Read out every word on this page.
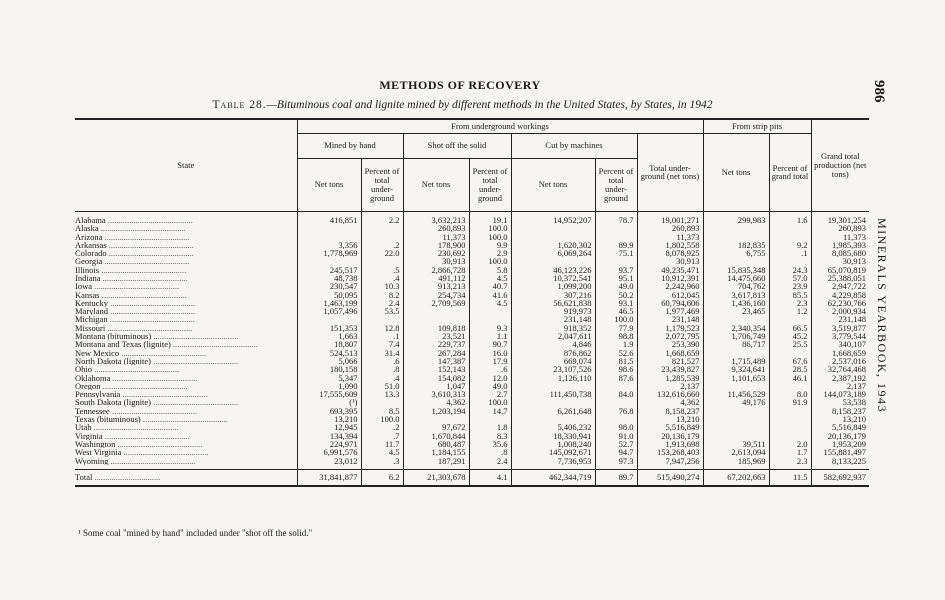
METHODS OF RECOVERY
Table 28.—Bituminous coal and lignite mined by different methods in the United States, by States, in 1942
986
MINERALS YEARBOOK, 1943
State	From underground workings							From strip pits		Grand total production (net tons)
	Mined by hand		Shot off the solid		Cut by machines		Total under-ground (net tons)	Net tons	Percent of grand total	
	Net tons	Percent of total under-ground	Net tons	Percent of total under-ground	Net tons	Percent of total under-ground				

Alabama .....	416,851	2.2	3,632,213	19.1	14,952,207	78.7	19,001,271	299,983	1.6	19,301,254
Alaska .....			260,893	100.0			260,893			260,893
Arizona .....			11,373	100.0			11,373			11,373
Arkansas .....	3,356	.2	178,900	9.9	1,620,302	89.9	1,802,558	182,835	9.2	1,985,393
Colorado .....	1,778,969	22.0	230,692	2.9	6,069,264	75.1	8,078,925	6,755	.1	8,085,680
Georgia .....			30,913	100.0			30,913			30,913
Illinois .....	245,517	.5	2,866,728	5.8	46,123,226	93.7	49,235,471	15,835,348	24.3	65,070,819
Indiana .....	48,738	.4	491,112	4.5	10,372,541	95.1	10,912,391	14,475,660	57.0	25,388,051
Iowa .....	230,547	10.3	913,213	40.7	1,099,200	49.0	2,242,960	704,762	23.9	2,947,722
Kansas .....	50,095	8.2	254,734	41.6	307,216	50.2	612,045	3,617,813	85.5	4,229,858
Kentucky .....	1,463,199	2.4	2,709,569	4.5	56,621,838	93.1	60,794,606	1,436,160	2.3	62,230,766
Maryland .....	1,057,496	53.5			919,973	46.5	1,977,469	23,465	1.2	2,000,934
Michigan .....					231,148	100.0	231,148			231,148
Missouri .....	151,353	12.8	109,818	9.3	918,352	77.9	1,179,523	2,340,354	66.5	3,519,877
Montana (bituminous) .....	1,663	.1	23,521	1.1	2,047,611	98.8	2,072,795	1,706,749	45.2	3,779,544
Montana and Texas (lignite) .....	18,807	7.4	229,737	90.7	4,846	1.9	253,390	86,717	25.5	340,107
New Mexico .....	524,513	31.4	267,284	16.0	876,862	52.6	1,668,659			1,668,659
North Dakota (lignite) .....	5,066	.6	147,387	17.9	669,074	81.5	821,527	1,715,489	67.6	2,537,016
Ohio .....	180,158	.8	152,143	.6	23,107,526	98.6	23,439,827	9,324,641	28.5	32,764,468
Oklahoma .....	5,347	.4	154,082	12.0	1,126,110	87.6	1,285,539	1,101,653	46.1	2,387,192
Oregon .....	1,090	51.0	1,047	49.0			2,137			2,137
Pennsylvania .....	17,555,609	13.3	3,610,313	2.7	111,450,738	84.0	132,616,660	11,456,529	8.0	144,073,189
South Dakota (lignite) .....	(¹)		4,362	100.0			4,362	49,176	91.9	53,538
Tennessee .....	693,395	8.5	1,203,194	14.7	6,261,648	76.8	8,158,237			8,158,237
Texas (bituminous) .....	13,210	100.0					13,210			13,210
Utah .....	12,945	.2	97,672	1.8	5,406,232	98.0	5,516,849			5,516,849
Virginia .....	134,394	.7	1,670,844	8.3	18,330,941	91.0	20,136,179			20,136,179
Washington .....	224,971	11.7	680,487	35.6	1,008,240	52.7	1,913,698	39,511	2.0	1,953,209
West Virginia .....	6,991,576	4.5	1,184,155	.8	145,092,671	94.7	153,268,403	2,613,094	1.7	155,881,497
Wyoming .....	23,012	.3	187,291	2.4	7,736,953	97.3	7,947,256	185,969	2.3	8,133,225

Total .....	31,841,877	6.2	21,303,678	4.1	462,344,719	89.7	515,490,274	67,202,663	11.5	582,692,937
¹ Some coal "mined by hand" included under "shot off the solid."
